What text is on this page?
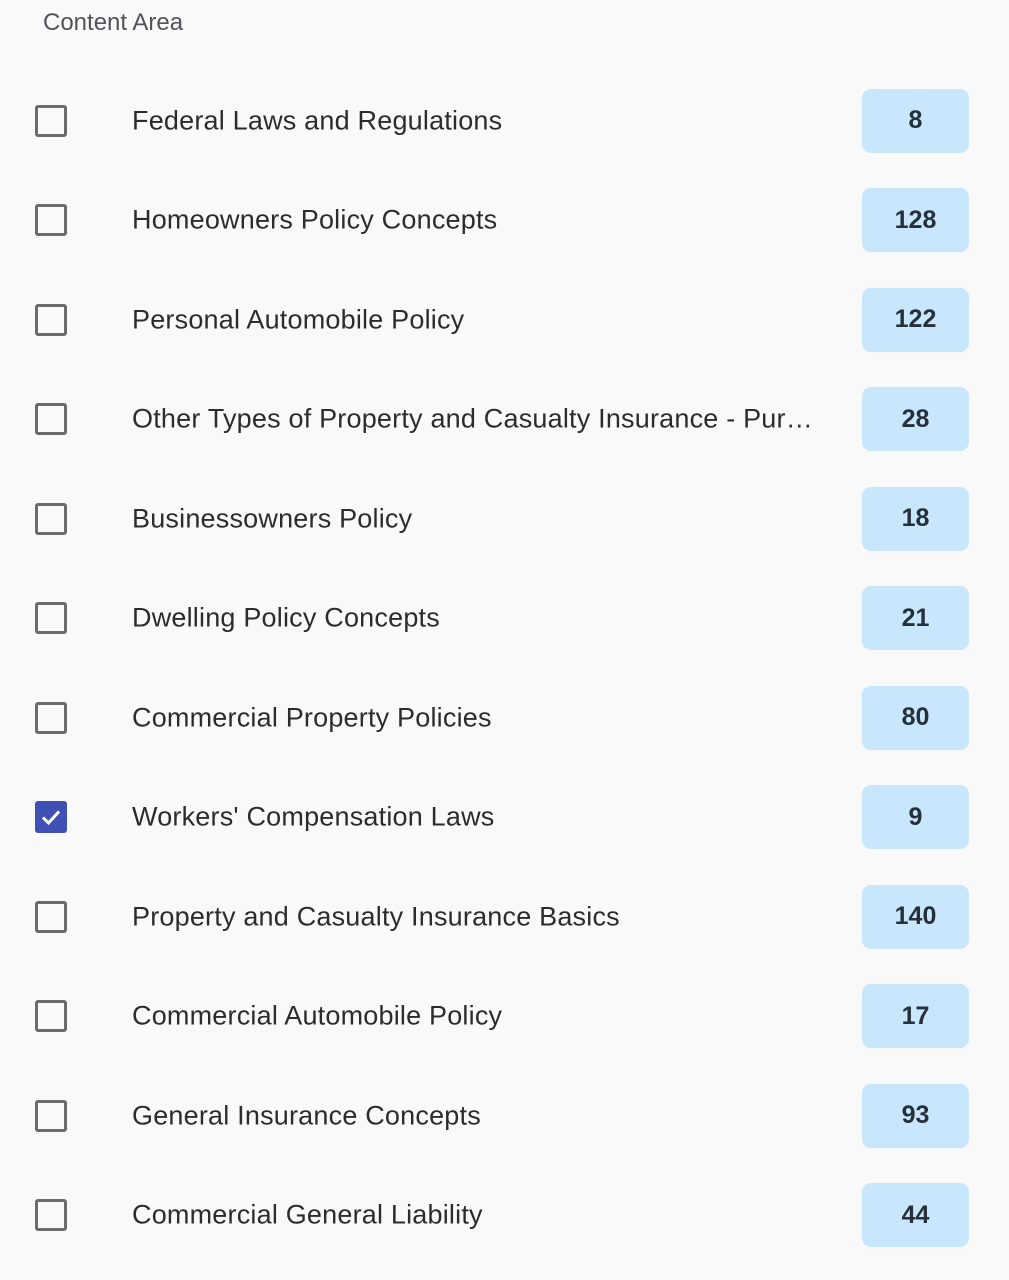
Content Area
Federal Laws and Regulations	8
Homeowners Policy Concepts	128
Personal Automobile Policy	122
Other Types of Property and Casualty Insurance - Pur…	28
Businessowners Policy	18
Dwelling Policy Concepts	21
Commercial Property Policies	80
Workers' Compensation Laws	9
Property and Casualty Insurance Basics	140
Commercial Automobile Policy	17
General Insurance Concepts	93
Commercial General Liability	44
